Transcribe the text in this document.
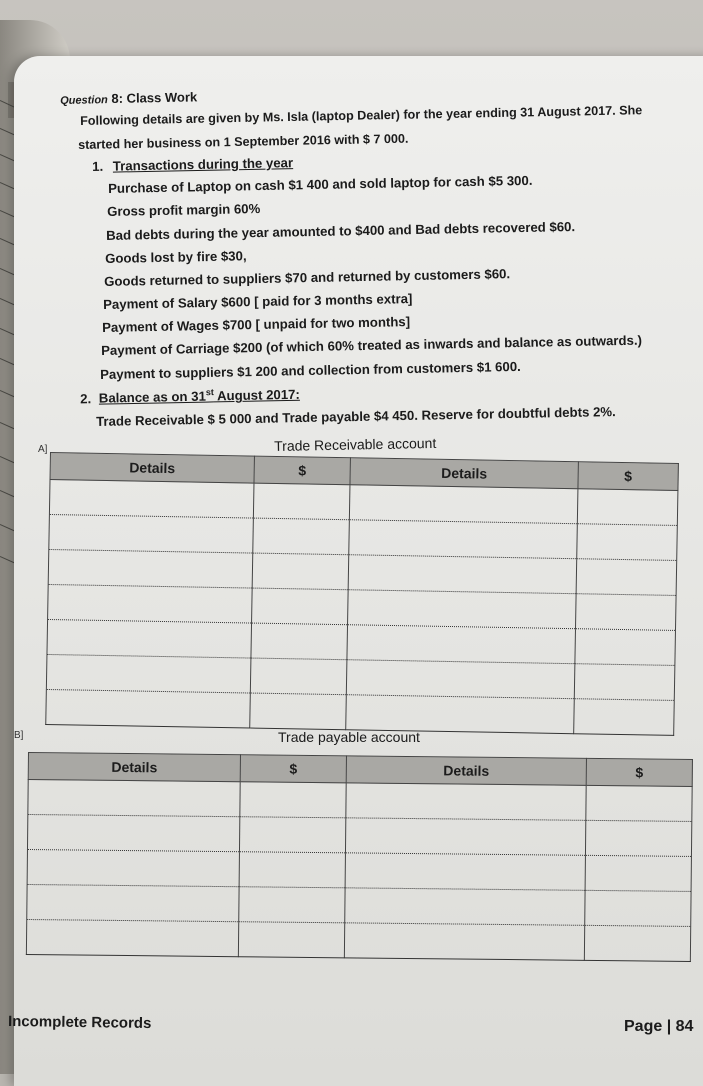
Question 8: Class Work
Following details are given by Ms. Isla (laptop Dealer) for the year ending 31 August 2017. She
started her business on 1 September 2016 with $ 7 000.
1. Transactions during the year
Purchase of Laptop on cash $1 400 and sold laptop for cash $5 300.
Gross profit margin 60%
Bad debts during the year amounted to $400 and Bad debts recovered $60.
Goods lost by fire $30,
Goods returned to suppliers $70 and returned by customers $60.
Payment of Salary $600 [ paid for 3 months extra]
Payment of Wages $700 [ unpaid for two months]
Payment of Carriage $200 (of which 60% treated as inwards and balance as outwards.)
Payment to suppliers $1 200 and collection from customers $1 600.
2. Balance as on 31st August 2017:
Trade Receivable $ 5 000 and Trade payable $4 450. Reserve for doubtful debts 2%.
A]	Trade Receivable account
Details	$	Details	$

B]	Trade payable account
Details	$	Details	$

Incomplete Records	Page | 84
